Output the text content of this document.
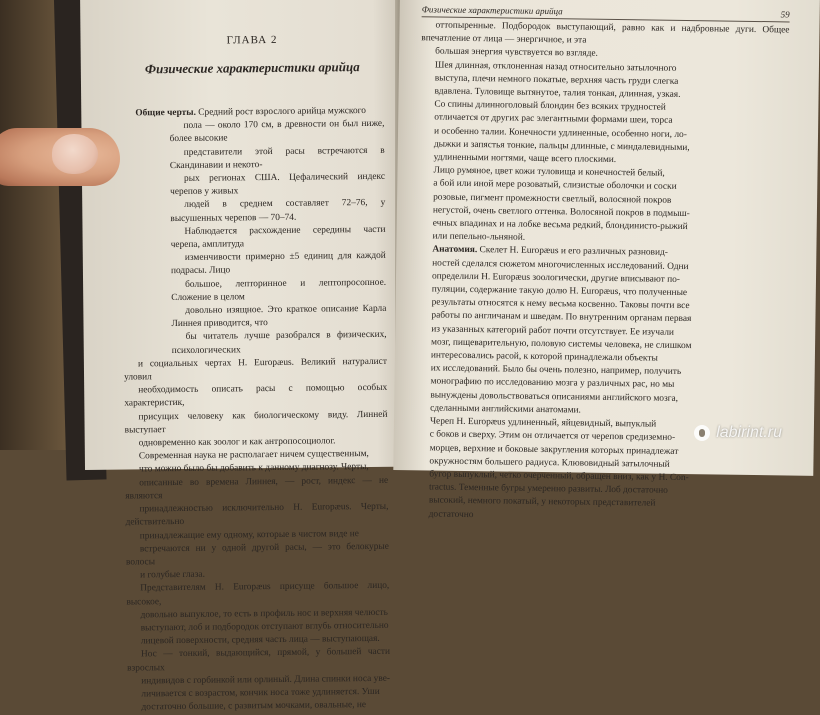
ГЛАВА 2
Физические характеристики арийца

Общие черты. Средний рост взрослого арийца мужского

пола — около 170 см, в древности он был ниже, более высокие

представители этой расы встречаются в Скандинавии и некото-

рых регионах США. Цефалический индекс черепов у живых

людей в среднем составляет 72–76, у высушенных черепов — 70–74.

Наблюдается расхождение середины части черепа, амплитуда

изменчивости примерно ±5 единиц для каждой подрасы. Лицо

большое, лепторинное и лептопросопное. Сложение в целом

довольно изящное. Это краткое описание Карла Линнея приводится, что

бы читатель лучше разобрался в физических, психологических

и социальных чертах H. Europæus. Великий натуралист уловил

необходимость описать расы с помощью особых характеристик,

присущих человеку как биологическому виду. Линней выступает

одновременно как зоолог и как антропосоциолог.

Современная наука не располагает ничем существенным,

что можно было бы добавить к данному диагнозу. Черты,

описанные во времена Линнея, — рост, индекс — не являются

принадлежностью исключительно H. Europæus. Черты, действительно

принадлежащие ему одному, которые в чистом виде не

встречаются ни у одной другой расы, — это белокурые волосы

и голубые глаза.

Представителям H. Europæus присуще большое лицо, высокое,

довольно выпуклое, то есть в профиль нос и верхняя челюсть

выступают, лоб и подбородок отступают вглубь относительно

лицевой поверхности, средняя часть лица — выступающая.

Нос — тонкий, выдающийся, прямой, у большей части взрослых

индивидов с горбинкой или орлиный. Длина спинки носа уве-

личивается с возрастом, кончик носа тоже удлиняется. Уши

достаточно большие, с развитым мочками, овальные, не

Физические характеристики арийца	59

оттопыренные. Подбородок выступающий, равно как и надбровные дуги. Общее впечатление от лица — энергичное, и эта

большая энергия чувствуется во взгляде.

Шея длинная, отклоненная назад относительно затылочного

выступа, плечи немного покатые, верхняя часть груди слегка

вдавлена. Туловище вытянутое, талия тонкая, длинная, узкая.

Со спины длинноголовый блондин без всяких трудностей

отличается от других рас элегантными формами шеи, торса

и особенно талии. Конечности удлиненные, особенно ноги, ло-

дыжки и запястья тонкие, пальцы длинные, с миндалевидными,

удлиненными ногтями, чаще всего плоскими.

Лицо румяное, цвет кожи туловища и конечностей белый,

а бой или иной мере розоватый, слизистые оболочки и соски

розовые, пигмент промежности светлый, волосяной покров

негустой, очень светлого оттенка. Волосяной покров в подмыш-

ечных впадинах и на лобке весьма редкий, блондинисто-рыжий

или пепельно-льняной.

Анатомия. Скелет H. Europæus и его различных разновид-

ностей сделался сюжетом многочисленных исследований. Одни

определили H. Europæus зоологически, другие вписывают по-

пуляции, содержание такую долю H. Europæus, что полученные

результаты относятся к нему весьма косвенно. Таковы почти все

работы по англичанам и шведам. По внутренним органам первая

из указанных категорий работ почти отсутствует. Ее изучали

мозг, пищеварительную, половую системы человека, не слишком

интересовались расой, к которой принадлежали объекты

их исследований. Было бы очень полезно, например, получить

монографию по исследованию мозга у различных рас, но мы

вынуждены довольствоваться описаниями английского мозга,

сделанными английскими анатомами.

Череп H. Europæus удлиненный, яйцевидный, выпуклый

с боков и сверху. Этим он отличается от черепов средиземно-

морцев, верхние и боковые закругления которых принадлежат

окружностям большего радиуса. Клювовидный затылочный

бугор выпуклый, четко очерченный, обращен вниз, как у H. Con-

tractus. Теменные бугры умеренно развиты. Лоб достаточно

высокий, немного покатый, у некоторых представителей

достаточно

labirint.ru
